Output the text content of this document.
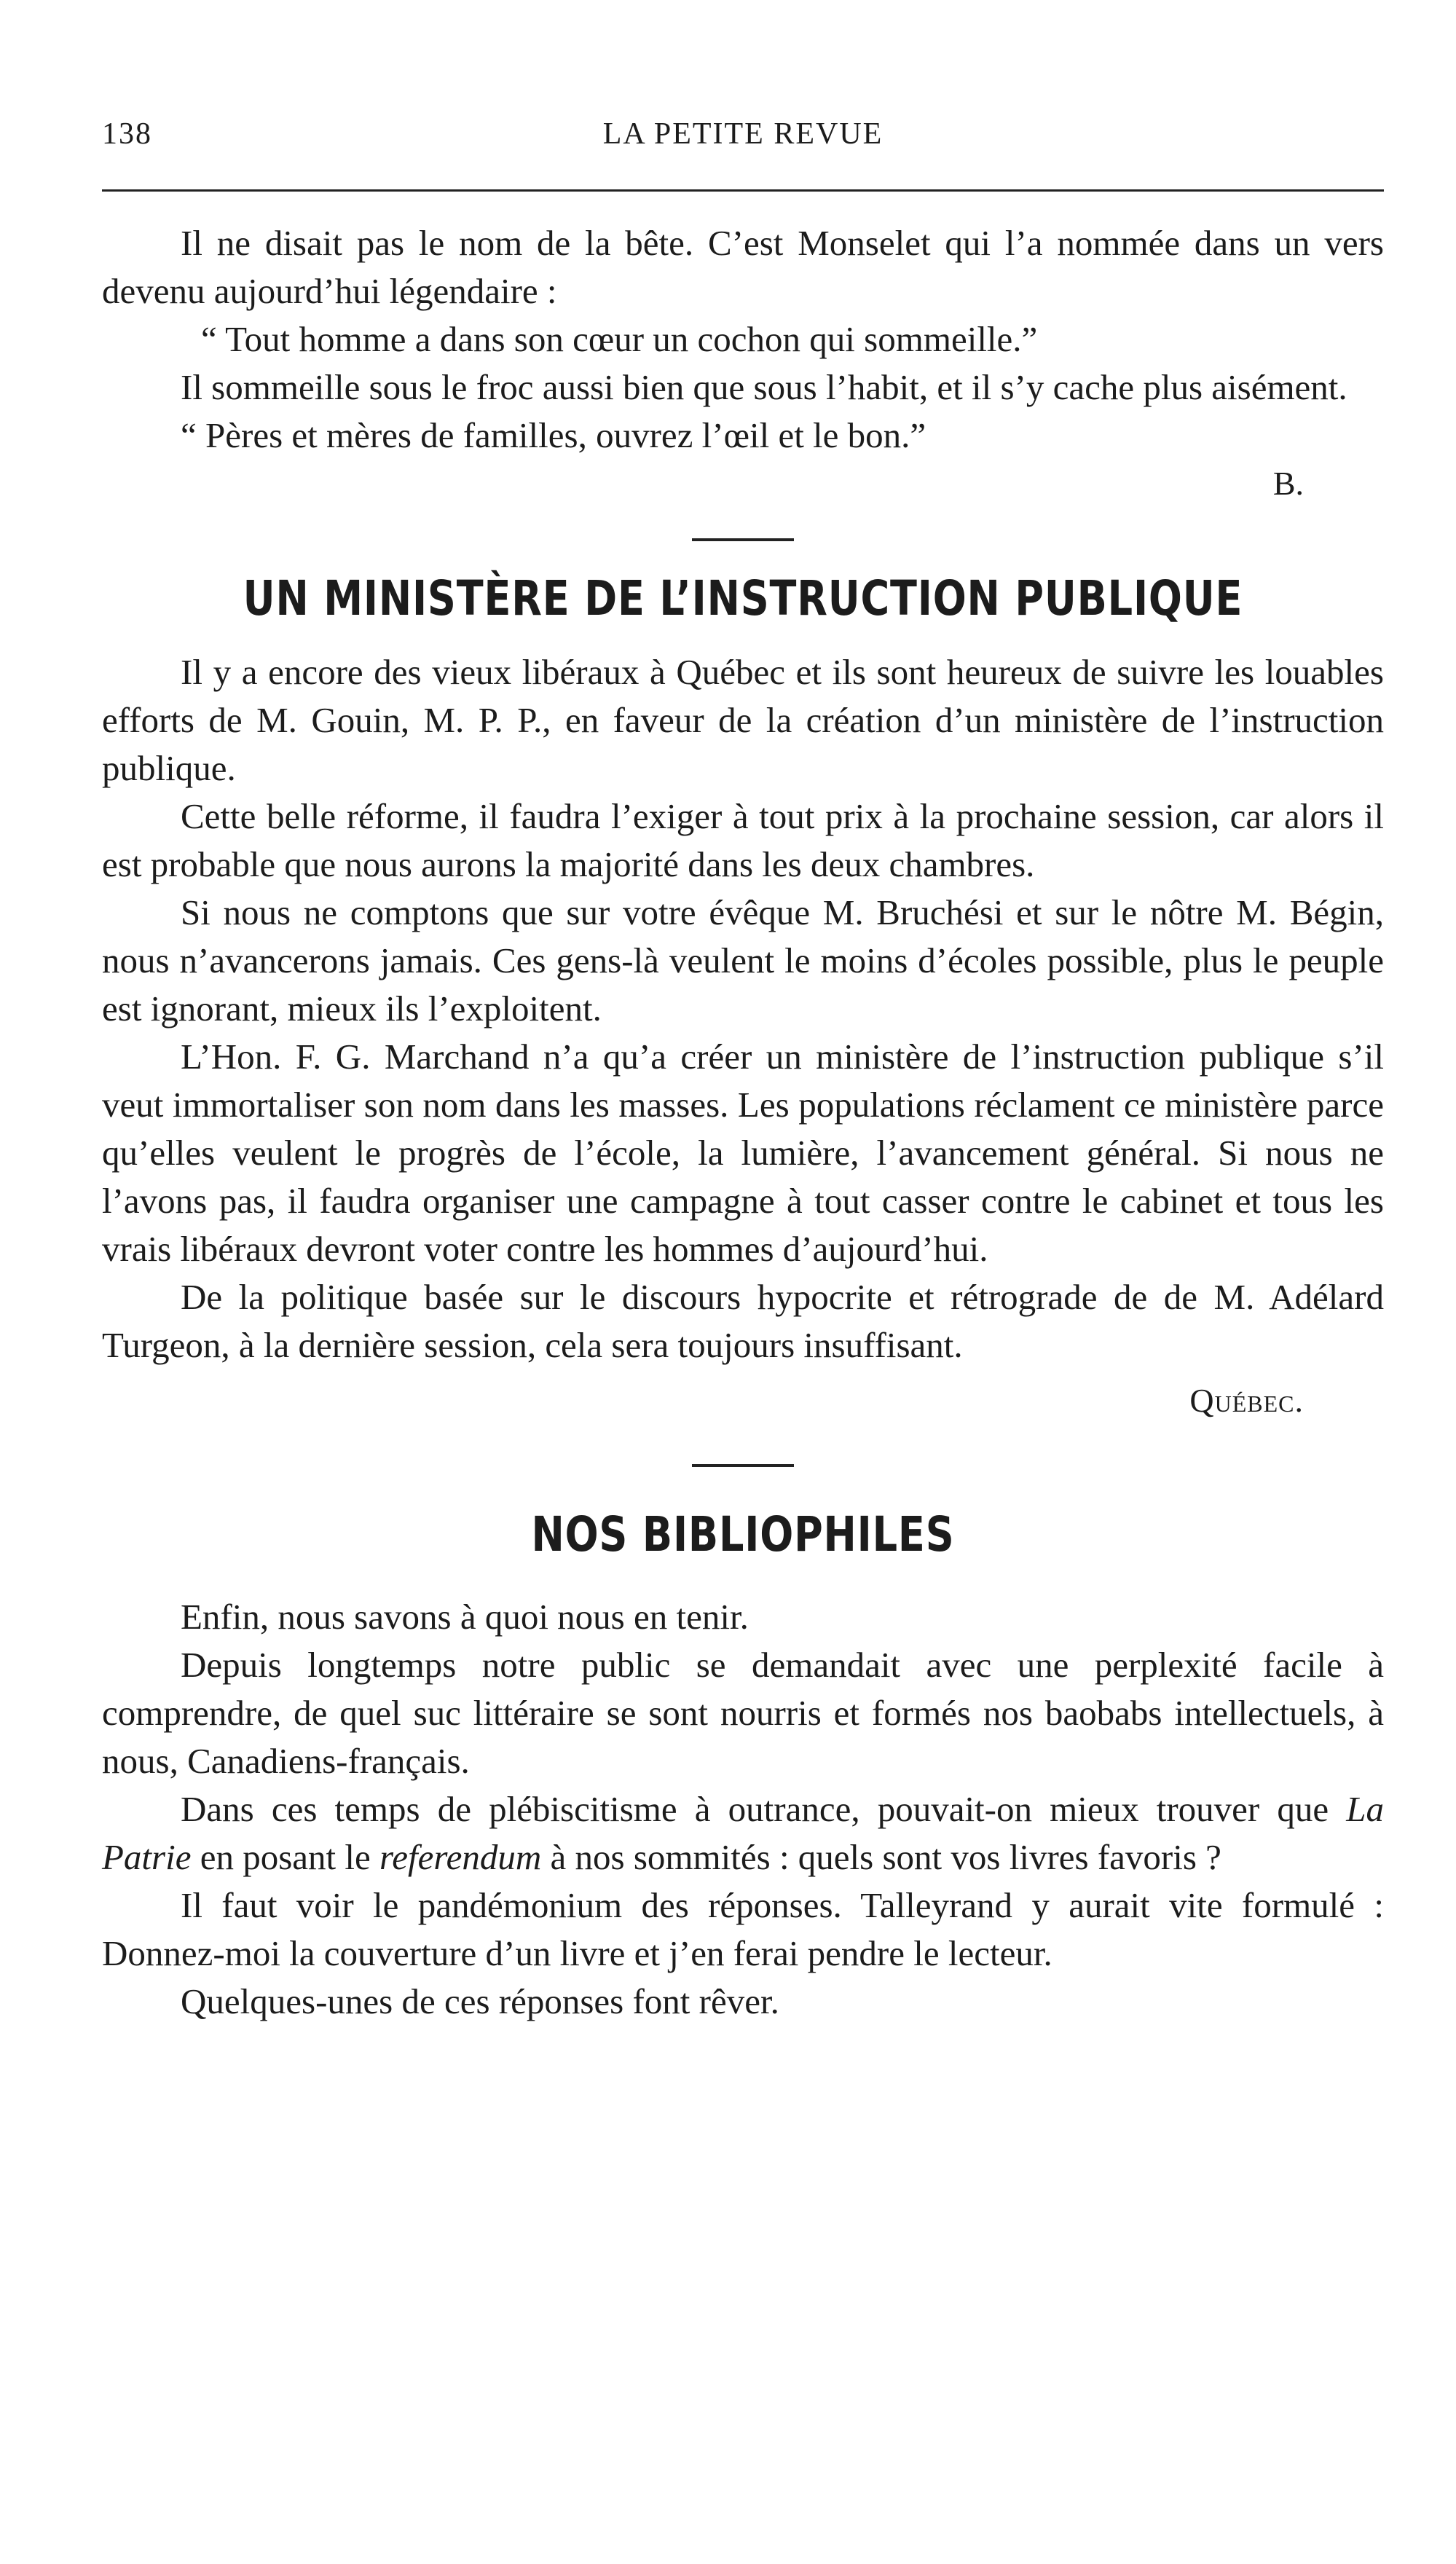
138	LA PETITE REVUE

Il ne disait pas le nom de la bête. C’est Monselet qui l’a nommée dans un vers devenu aujourd’hui légendaire :

“ Tout homme a dans son cœur un cochon qui sommeille.”

Il sommeille sous le froc aussi bien que sous l’habit, et il s’y cache plus aisément.

“ Pères et mères de familles, ouvrez l’œil et le bon.”

B.
UN MINISTÈRE DE L’INSTRUCTION PUBLIQUE

Il y a encore des vieux libéraux à Québec et ils sont heureux de suivre les louables efforts de M. Gouin, M. P. P., en faveur de la création d’un ministère de l’instruction publique.

Cette belle réforme, il faudra l’exiger à tout prix à la prochaine session, car alors il est probable que nous aurons la majorité dans les deux chambres.

Si nous ne comptons que sur votre évêque M. Bruchési et sur le nôtre M. Bégin, nous n’avancerons jamais. Ces gens-là veulent le moins d’écoles possible, plus le peuple est ignorant, mieux ils l’exploitent.

L’Hon. F. G. Marchand n’a qu’a créer un ministère de l’instruction publique s’il veut immortaliser son nom dans les masses. Les populations réclament ce ministère parce qu’elles veulent le progrès de l’école, la lumière, l’avancement général. Si nous ne l’avons pas, il faudra organiser une campagne à tout casser contre le cabinet et tous les vrais libéraux devront voter contre les hommes d’aujourd’hui.

De la politique basée sur le discours hypocrite et rétrograde de de M. Adélard Turgeon, à la dernière session, cela sera toujours insuffisant.

Québec.
NOS BIBLIOPHILES

Enfin, nous savons à quoi nous en tenir.

Depuis longtemps notre public se demandait avec une perplexité facile à comprendre, de quel suc littéraire se sont nourris et formés nos baobabs intellectuels, à nous, Canadiens-français.

Dans ces temps de plébiscitisme à outrance, pouvait-on mieux trouver que La Patrie en posant le referendum à nos sommités : quels sont vos livres favoris ?

Il faut voir le pandémonium des réponses. Talleyrand y aurait vite formulé : Donnez-moi la couverture d’un livre et j’en ferai pendre le lecteur.

Quelques-unes de ces réponses font rêver.
